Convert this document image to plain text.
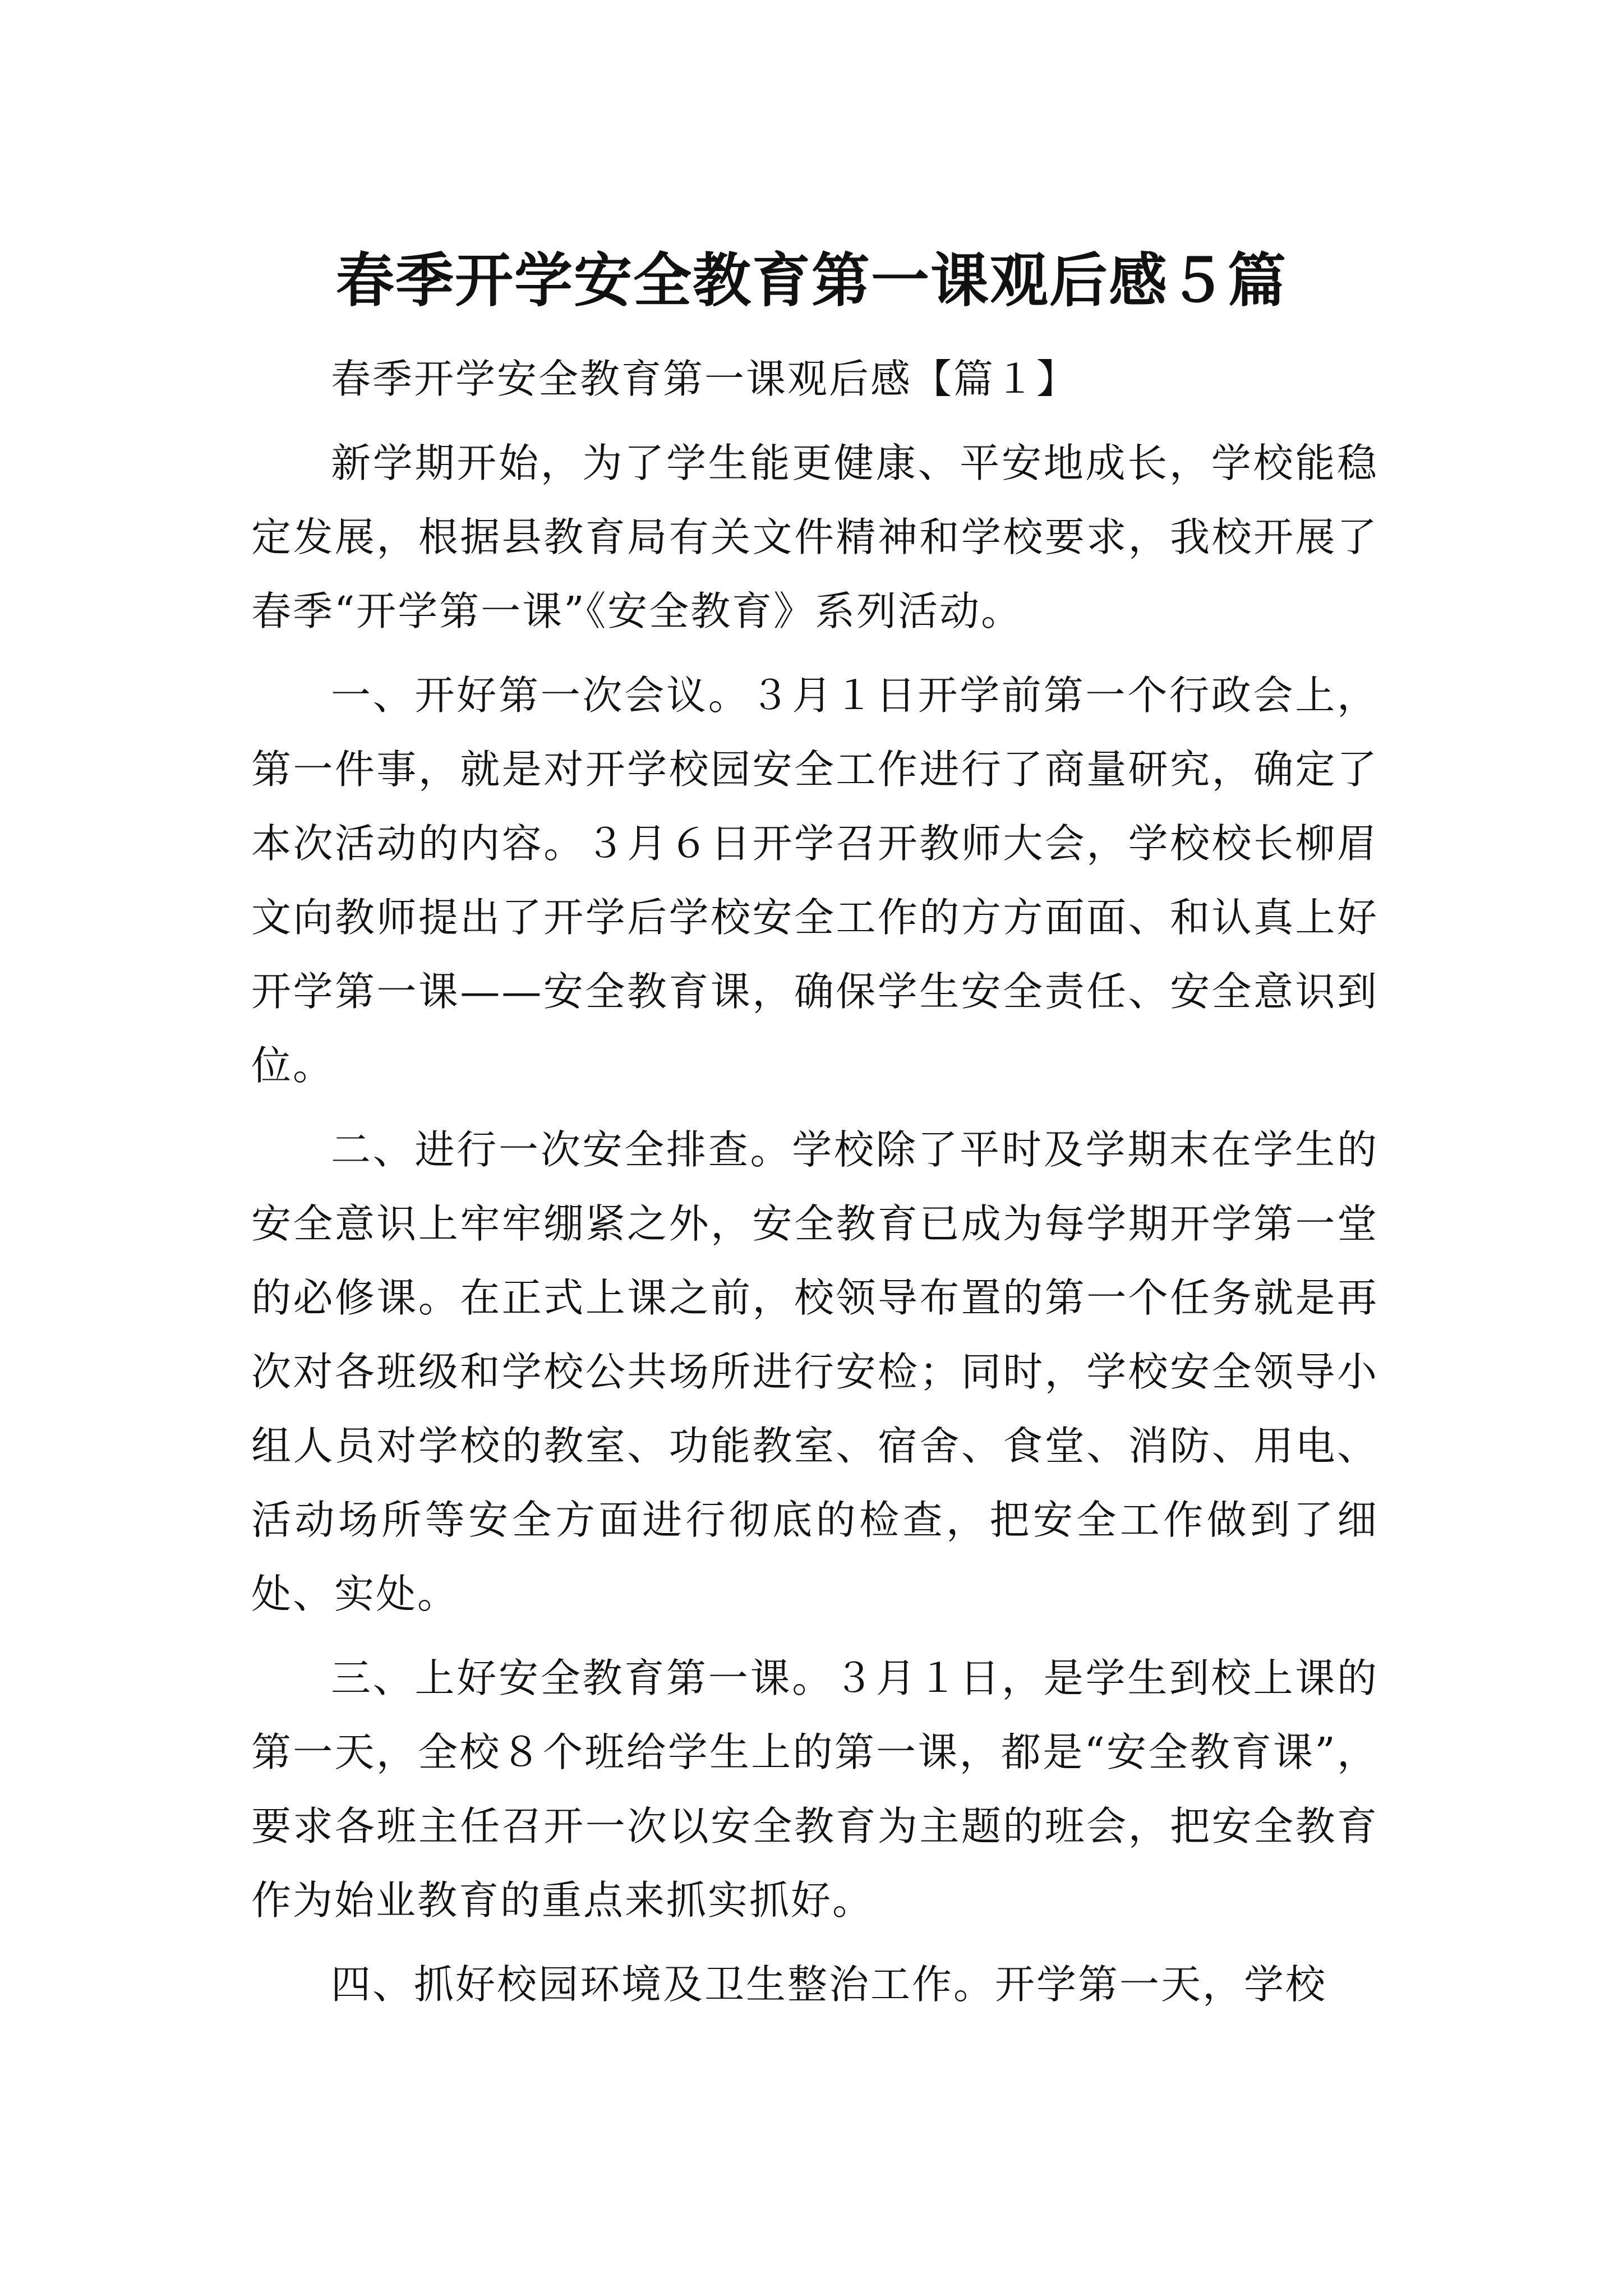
春季开学安全教育第一课观后感５篇

春季开学安全教育第一课观后感【篇１】

新学期开始，为了学生能更健康、平安地成长，学校能稳定发展，根据县教育局有关文件精神和学校要求，我校开展了春季“开学第一课”《安全教育》系列活动。

一、开好第一次会议。３月１日开学前第一个行政会上，第一件事，就是对开学校园安全工作进行了商量研究，确定了本次活动的内容。３月６日开学召开教师大会，学校校长柳眉文向教师提出了开学后学校安全工作的方方面面、和认真上好开学第一课——安全教育课，确保学生安全责任、安全意识到位。

二、进行一次安全排查。学校除了平时及学期末在学生的安全意识上牢牢绷紧之外，安全教育已成为每学期开学第一堂的必修课。在正式上课之前，校领导布置的第一个任务就是再次对各班级和学校公共场所进行安检；同时，学校安全领导小组人员对学校的教室、功能教室、宿舍、食堂、消防、用电、活动场所等安全方面进行彻底的检查，把安全工作做到了细处、实处。

三、上好安全教育第一课。３月１日，是学生到校上课的第一天，全校８个班给学生上的第一课，都是“安全教育课”，要求各班主任召开一次以安全教育为主题的班会，把安全教育作为始业教育的重点来抓实抓好。

四、抓好校园环境及卫生整治工作。开学第一天，学校
